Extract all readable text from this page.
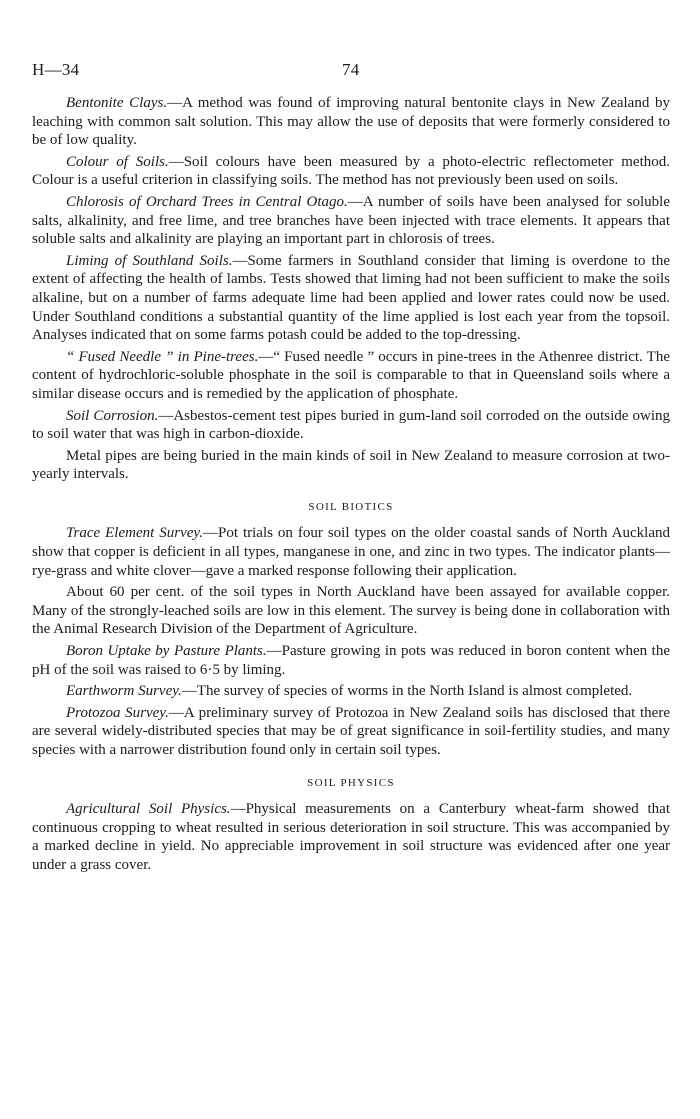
H—34	74

Bentonite Clays.—A method was found of improving natural bentonite clays in New Zealand by leaching with common salt solution. This may allow the use of deposits that were formerly considered to be of low quality.

Colour of Soils.—Soil colours have been measured by a photo-electric reflectometer method. Colour is a useful criterion in classifying soils. The method has not previously been used on soils.

Chlorosis of Orchard Trees in Central Otago.—A number of soils have been analysed for soluble salts, alkalinity, and free lime, and tree branches have been injected with trace elements. It appears that soluble salts and alkalinity are playing an important part in chlorosis of trees.

Liming of Southland Soils.—Some farmers in Southland consider that liming is overdone to the extent of affecting the health of lambs. Tests showed that liming had not been sufficient to make the soils alkaline, but on a number of farms adequate lime had been applied and lower rates could now be used. Under Southland conditions a substantial quantity of the lime applied is lost each year from the topsoil. Analyses indicated that on some farms potash could be added to the top-dressing.

“ Fused Needle ” in Pine-trees.—“ Fused needle ” occurs in pine-trees in the Athenree district. The content of hydrochloric-soluble phosphate in the soil is comparable to that in Queensland soils where a similar disease occurs and is remedied by the application of phosphate.

Soil Corrosion.—Asbestos-cement test pipes buried in gum-land soil corroded on the outside owing to soil water that was high in carbon-dioxide.

Metal pipes are being buried in the main kinds of soil in New Zealand to measure corrosion at two-yearly intervals.

SOIL BIOTICS

Trace Element Survey.—Pot trials on four soil types on the older coastal sands of North Auckland show that copper is deficient in all types, manganese in one, and zinc in two types. The indicator plants—rye-grass and white clover—gave a marked response following their application.

About 60 per cent. of the soil types in North Auckland have been assayed for available copper. Many of the strongly-leached soils are low in this element. The survey is being done in collaboration with the Animal Research Division of the Department of Agriculture.

Boron Uptake by Pasture Plants.—Pasture growing in pots was reduced in boron content when the pH of the soil was raised to 6·5 by liming.

Earthworm Survey.—The survey of species of worms in the North Island is almost completed.

Protozoa Survey.—A preliminary survey of Protozoa in New Zealand soils has disclosed that there are several widely-distributed species that may be of great significance in soil-fertility studies, and many species with a narrower distribution found only in certain soil types.

SOIL PHYSICS

Agricultural Soil Physics.—Physical measurements on a Canterbury wheat-farm showed that continuous cropping to wheat resulted in serious deterioration in soil structure. This was accompanied by a marked decline in yield. No appreciable improvement in soil structure was evidenced after one year under a grass cover.
